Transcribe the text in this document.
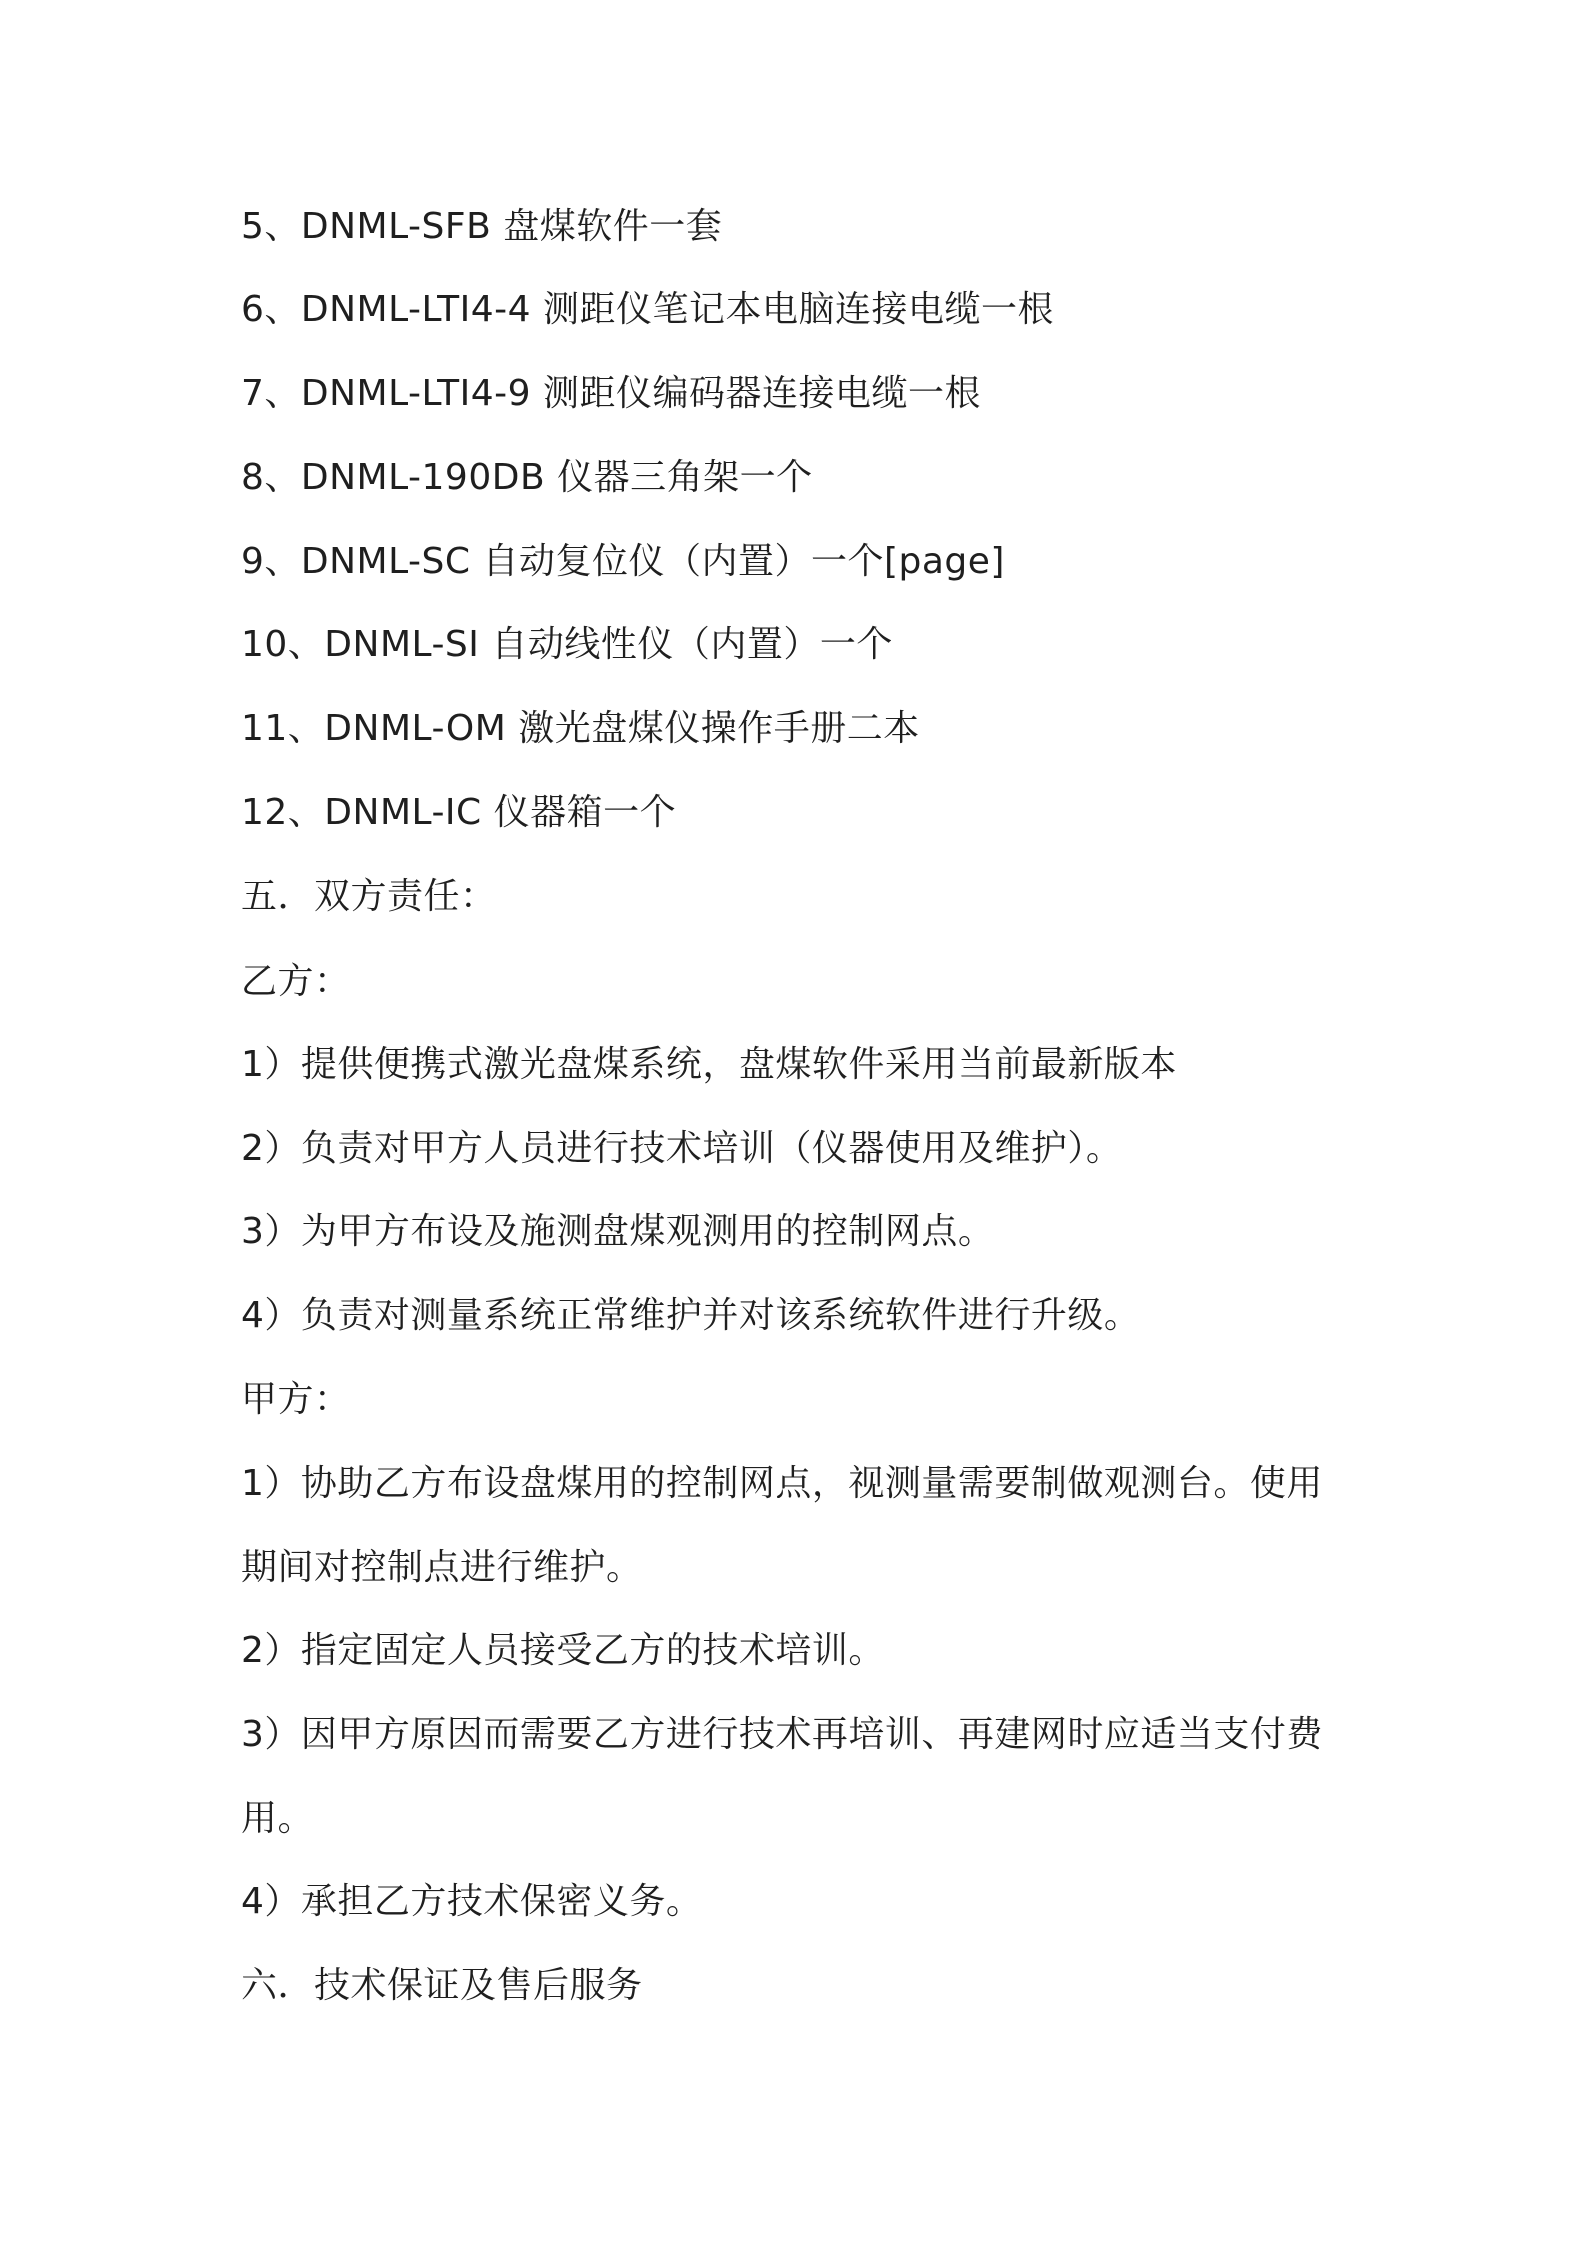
5、DNML-SFB 盘煤软件一套

6、DNML-LTI4-4 测距仪笔记本电脑连接电缆一根

7、DNML-LTI4-9 测距仪编码器连接电缆一根

8、DNML-190DB 仪器三角架一个

9、DNML-SC 自动复位仪（内置）一个[page]

10、DNML-SI 自动线性仪（内置）一个

11、DNML-OM 激光盘煤仪操作手册二本

12、DNML-IC 仪器箱一个

五．双方责任：

乙方：

1）提供便携式激光盘煤系统，盘煤软件采用当前最新版本

2）负责对甲方人员进行技术培训（仪器使用及维护）。

3）为甲方布设及施测盘煤观测用的控制网点。

4）负责对测量系统正常维护并对该系统软件进行升级。

甲方：

1）协助乙方布设盘煤用的控制网点，视测量需要制做观测台。使用

期间对控制点进行维护。

2）指定固定人员接受乙方的技术培训。

3）因甲方原因而需要乙方进行技术再培训、再建网时应适当支付费

用。

4）承担乙方技术保密义务。

六．技术保证及售后服务
